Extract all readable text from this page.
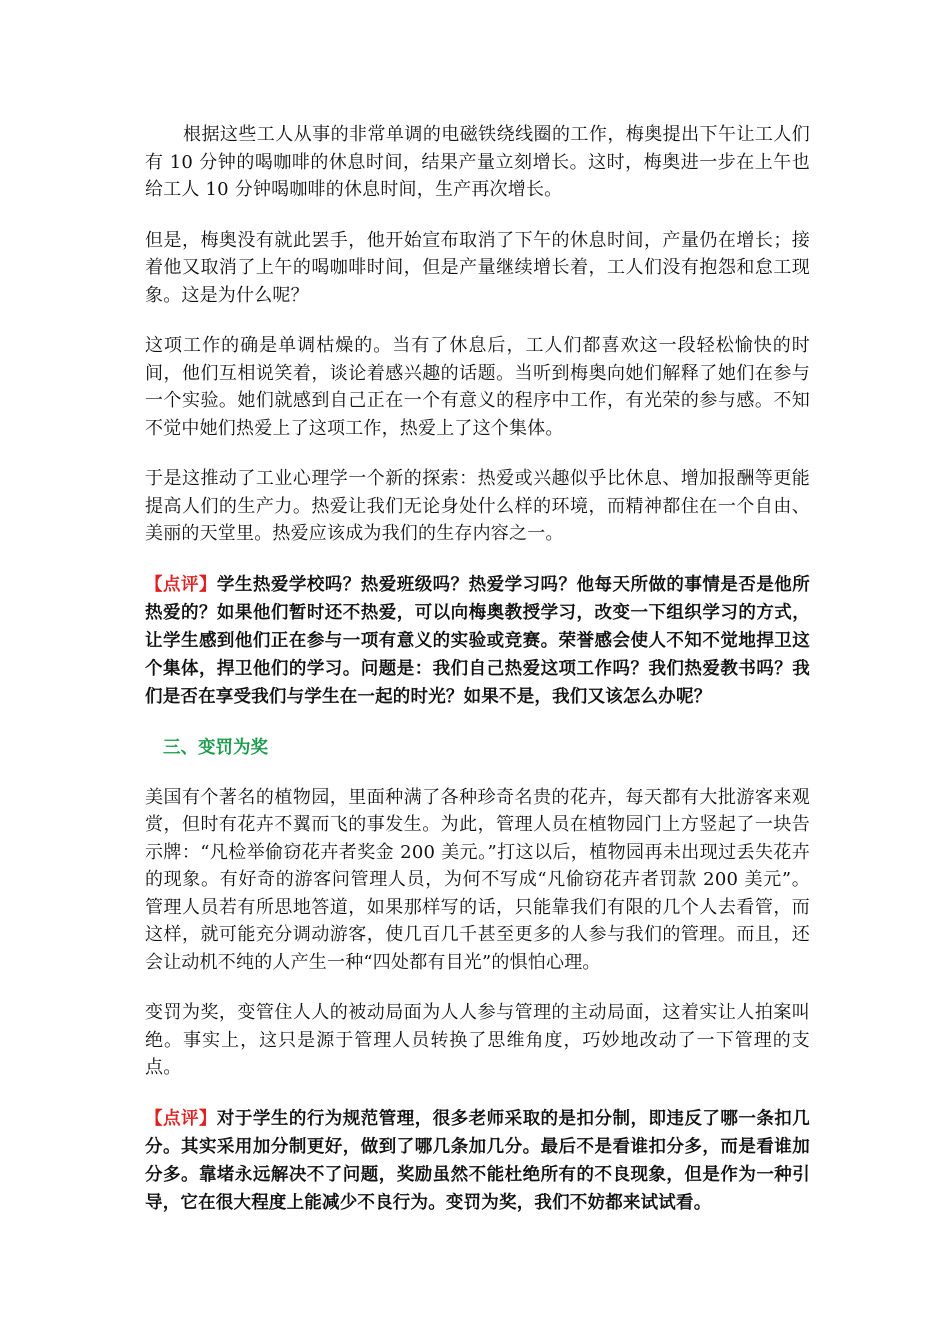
根据这些工人从事的非常单调的电磁铁绕线圈的工作，梅奥提出下午让工人们有 10 分钟的喝咖啡的休息时间，结果产量立刻增长。这时，梅奥进一步在上午也给工人 10 分钟喝咖啡的休息时间，生产再次增长。

但是，梅奥没有就此罢手，他开始宣布取消了下午的休息时间，产量仍在增长；接着他又取消了上午的喝咖啡时间，但是产量继续增长着，工人们没有抱怨和怠工现象。这是为什么呢？

这项工作的确是单调枯燥的。当有了休息后，工人们都喜欢这一段轻松愉快的时间，他们互相说笑着，谈论着感兴趣的话题。当听到梅奥向她们解释了她们在参与一个实验。她们就感到自己正在一个有意义的程序中工作，有光荣的参与感。不知不觉中她们热爱上了这项工作，热爱上了这个集体。

于是这推动了工业心理学一个新的探索：热爱或兴趣似乎比休息、增加报酬等更能提高人们的生产力。热爱让我们无论身处什么样的环境，而精神都住在一个自由、美丽的天堂里。热爱应该成为我们的生存内容之一。

【点评】学生热爱学校吗？热爱班级吗？热爱学习吗？他每天所做的事情是否是他所热爱的？如果他们暂时还不热爱，可以向梅奥教授学习，改变一下组织学习的方式，让学生感到他们正在参与一项有意义的实验或竞赛。荣誉感会使人不知不觉地捍卫这个集体，捍卫他们的学习。问题是：我们自己热爱这项工作吗？我们热爱教书吗？我们是否在享受我们与学生在一起的时光？如果不是，我们又该怎么办呢？

三、变罚为奖

美国有个著名的植物园，里面种满了各种珍奇名贵的花卉，每天都有大批游客来观赏，但时有花卉不翼而飞的事发生。为此，管理人员在植物园门上方竖起了一块告示牌：“凡检举偷窃花卉者奖金 200 美元。”打这以后，植物园再未出现过丢失花卉的现象。有好奇的游客问管理人员，为何不写成“凡偷窃花卉者罚款 200 美元”。管理人员若有所思地答道，如果那样写的话，只能靠我们有限的几个人去看管，而这样，就可能充分调动游客，使几百几千甚至更多的人参与我们的管理。而且，还会让动机不纯的人产生一种“四处都有目光”的惧怕心理。

变罚为奖，变管住人人的被动局面为人人参与管理的主动局面，这着实让人拍案叫绝。事实上，这只是源于管理人员转换了思维角度，巧妙地改动了一下管理的支点。

【点评】对于学生的行为规范管理，很多老师采取的是扣分制，即违反了哪一条扣几分。其实采用加分制更好，做到了哪几条加几分。最后不是看谁扣分多，而是看谁加分多。靠堵永远解决不了问题，奖励虽然不能杜绝所有的不良现象，但是作为一种引导，它在很大程度上能减少不良行为。变罚为奖，我们不妨都来试试看。
